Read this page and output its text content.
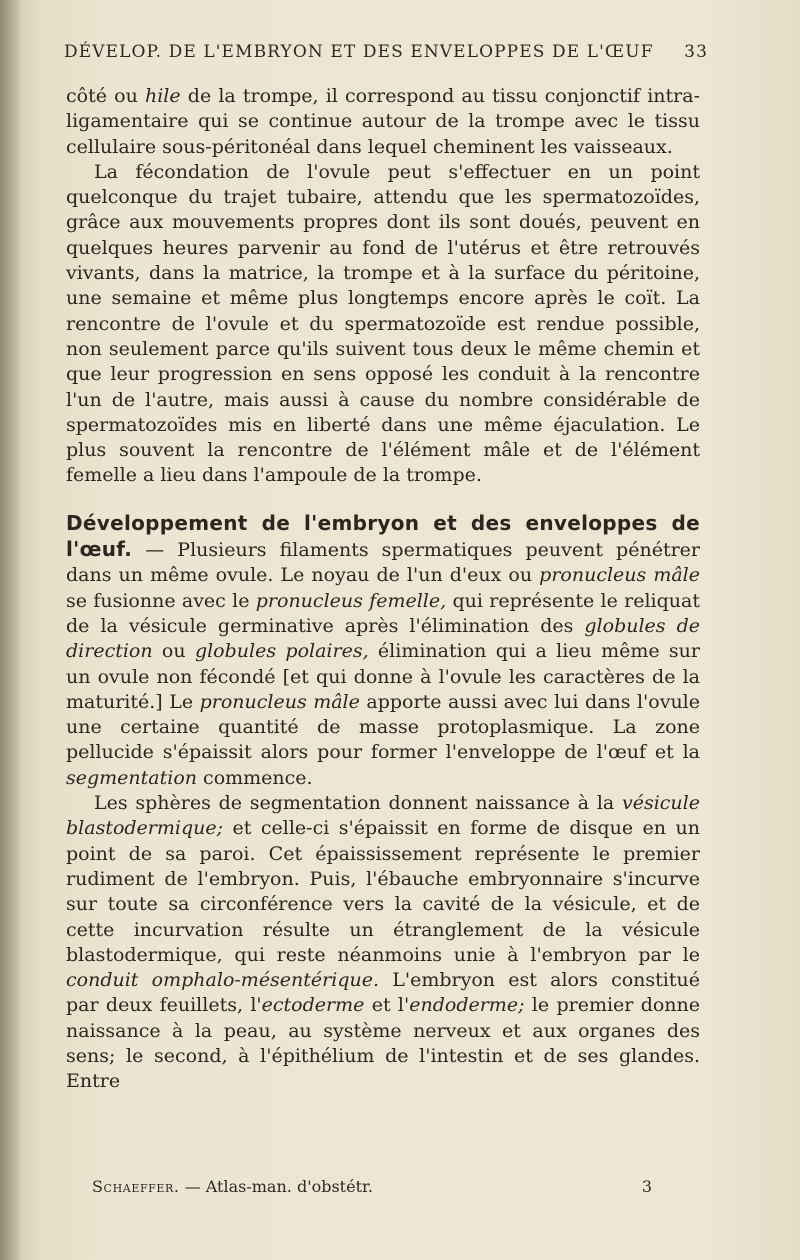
DÉVELOP. DE L'EMBRYON ET DES ENVELOPPES DE L'ŒUF 33

côté ou hile de la trompe, il correspond au tissu conjonctif intra-ligamentaire qui se continue autour de la trompe avec le tissu cellulaire sous-péritonéal dans lequel cheminent les vaisseaux.

La fécondation de l'ovule peut s'effectuer en un point quelconque du trajet tubaire, attendu que les spermatozoïdes, grâce aux mouvements propres dont ils sont doués, peuvent en quelques heures parvenir au fond de l'utérus et être retrouvés vivants, dans la matrice, la trompe et à la surface du péritoine, une semaine et même plus longtemps encore après le coït. La rencontre de l'ovule et du spermatozoïde est rendue possible, non seulement parce qu'ils suivent tous deux le même chemin et que leur progression en sens opposé les conduit à la rencontre l'un de l'autre, mais aussi à cause du nombre considérable de spermatozoïdes mis en liberté dans une même éjaculation. Le plus souvent la rencontre de l'élément mâle et de l'élément femelle a lieu dans l'ampoule de la trompe.

Développement de l'embryon et des enveloppes de l'œuf. — Plusieurs filaments spermatiques peuvent pénétrer dans un même ovule. Le noyau de l'un d'eux ou pronucleus mâle se fusionne avec le pronucleus femelle, qui représente le reliquat de la vésicule germinative après l'élimination des globules de direction ou globules polaires, élimination qui a lieu même sur un ovule non fécondé [et qui donne à l'ovule les caractères de la maturité.] Le pronucleus mâle apporte aussi avec lui dans l'ovule une certaine quantité de masse protoplasmique. La zone pellucide s'épaissit alors pour former l'enveloppe de l'œuf et la segmentation commence.

Les sphères de segmentation donnent naissance à la vésicule blastodermique; et celle-ci s'épaissit en forme de disque en un point de sa paroi. Cet épaississement représente le premier rudiment de l'embryon. Puis, l'ébauche embryonnaire s'incurve sur toute sa circonférence vers la cavité de la vésicule, et de cette incurvation résulte un étranglement de la vésicule blastodermique, qui reste néanmoins unie à l'embryon par le conduit omphalo-mésentérique. L'embryon est alors constitué par deux feuillets, l'ectoderme et l'endoderme; le premier donne naissance à la peau, au système nerveux et aux organes des sens; le second, à l'épithélium de l'intestin et de ses glandes. Entre

Schaeffer. — Atlas-man. d'obstétr.	3
